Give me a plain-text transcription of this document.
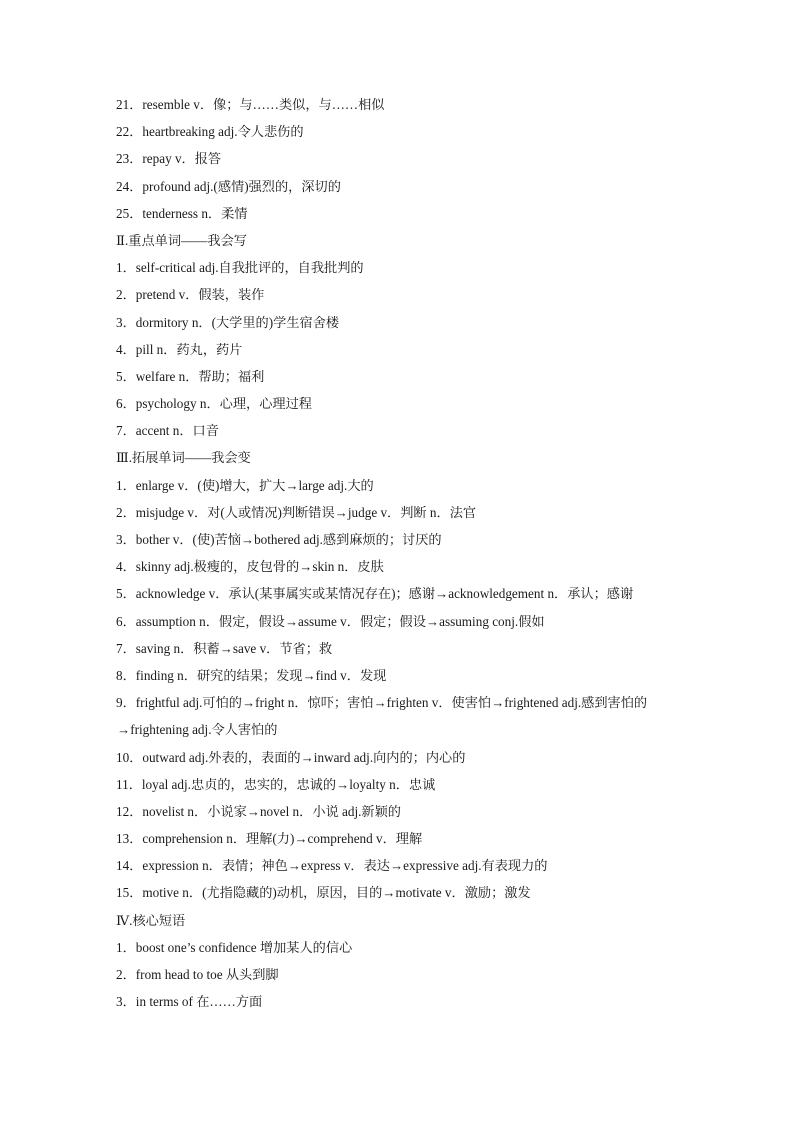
21．resemble v．像；与……类似，与……相似
22．heartbreaking adj.令人悲伤的
23．repay v．报答
24．profound adj.(感情)强烈的，深切的
25．tenderness n．柔情
Ⅱ.重点单词——我会写
1．self-critical adj.自我批评的，自我批判的
2．pretend v．假装，装作
3．dormitory n．(大学里的)学生宿舍楼
4．pill n．药丸，药片
5．welfare n．帮助；福利
6．psychology n．心理，心理过程
7．accent n．口音
Ⅲ.拓展单词——我会变
1．enlarge v．(使)增大，扩大→large adj.大的
2．misjudge v．对(人或情况)判断错误→judge v．判断 n．法官
3．bother v．(使)苦恼→bothered adj.感到麻烦的；讨厌的
4．skinny adj.极瘦的，皮包骨的→skin n．皮肤
5．acknowledge v．承认(某事属实或某情况存在)；感谢→acknowledgement n．承认；感谢
6．assumption n．假定，假设→assume v．假定；假设→assuming conj.假如
7．saving n．积蓄→save v．节省；救
8．finding n．研究的结果；发现→find v．发现
9．frightful adj.可怕的→fright n．惊吓；害怕→frighten v．使害怕→frightened adj.感到害怕的
→frightening adj.令人害怕的
10．outward adj.外表的，表面的→inward adj.向内的；内心的
11．loyal adj.忠贞的，忠实的，忠诚的→loyalty n．忠诚
12．novelist n．小说家→novel n．小说 adj.新颖的
13．comprehension n．理解(力)→comprehend v．理解
14．expression n．表情；神色→express v．表达→expressive adj.有表现力的
15．motive n．(尤指隐藏的)动机，原因，目的→motivate v．激励；激发
Ⅳ.核心短语
1．boost one’s confidence 增加某人的信心
2．from head to toe 从头到脚
3．in terms of 在……方面
